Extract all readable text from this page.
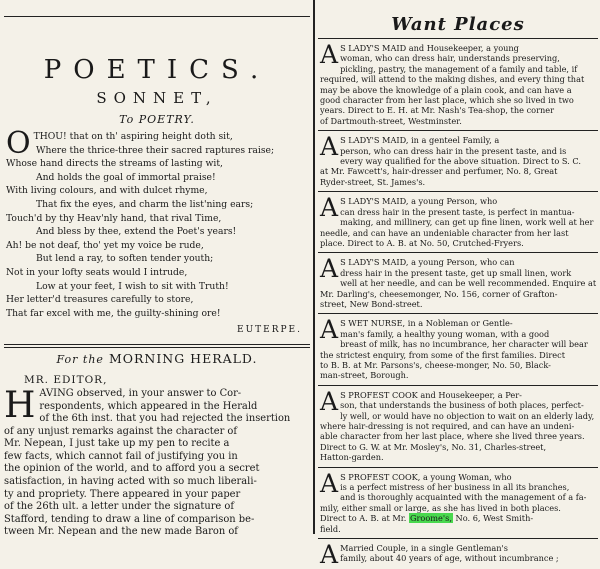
POETICS.
SONNET,
To POETRY.
O THOU! that on th' aspiring height doth sit,
Where the thrice-three their sacred raptures raise;
Whose hand directs the streams of lasting wit,
And holds the goal of immortal praise!
With living colours, and with dulcet rhyme,
That fix the eyes, and charm the list'ning ears;
Touch'd by thy Heav'nly hand, that rival Time,
And bless by thee, extend the Poet's years!
Ah! be not deaf, tho' yet my voice be rude,
But lend a ray, to soften tender youth;
Not in your lofty seats would I intrude,
Low at your feet, I wish to sit with Truth!
Her letter'd treasures carefully to store,
That far excel with me, the guilty-shining ore!
EUTERPE.
For the MORNING HERALD.
MR. EDITOR,
H AVING observed, in your answer to Cor-
respondents, which appeared in the Herald
of the 6th inst. that you had rejected the insertion
of any unjust remarks against the character of
Mr. Nepean, I just take up my pen to recite a
few facts, which cannot fail of justifying you in
the opinion of the world, and to afford you a secret
satisfaction, in having acted with so much liberali-
ty and propriety. There appeared in your paper
of the 26th ult. a letter under the signature of
Stafford, tending to draw a line of comparison be-
tween Mr. Nepean and the new made Baron of
Want Places
A S LADY'S MAID and Housekeeper, a young
woman, who can dress hair, understands preserving,
pickling, pastry, the management of a family and table, if
required, will attend to the making dishes, and every thing that
may be above the knowledge of a plain cook, and can have a
good character from her last place, which she so lived in two
years. Direct to E. H. at Mr. Nash's Tea-shop, the corner
of Dartmouth-street, Westminster.
A S LADY'S MAID, in a genteel Family, a
person, who can dress hair in the present taste, and is
every way qualified for the above situation. Direct to S. C.
at Mr. Fawcett's, hair-dresser and perfumer, No. 8, Great
Ryder-street, St. James's.
A S LADY'S MAID, a young Person, who
can dress hair in the present taste, is perfect in mantua-
making, and millinery, can get up fine linen, work well at her
needle, and can have an undeniable character from her last
place. Direct to A. B. at No. 50, Crutched-Fryers.
A S LADY'S MAID, a young Person, who can
dress hair in the present taste, get up small linen, work
well at her needle, and can be well recommended. Enquire at
Mr. Darling's, cheesemonger, No. 156, corner of Grafton-
street, New Bond-street.
A S WET NURSE, in a Nobleman or Gentle-
man's family, a healthy young woman, with a good
breast of milk, has no incumbrance, her character will bear
the strictest enquiry, from some of the first families. Direct
to B. B. at Mr. Parsons's, cheese-monger, No. 50, Black-
man-street, Borough.
A S PROFEST COOK and Housekeeper, a Per-
son, that understands the business of both places, perfect-
ly well, or would have no objection to wait on an elderly lady,
where hair-dressing is not required, and can have an undeni-
able character from her last place, where she lived three years.
Direct to G. W. at Mr. Mosley's, No. 31, Charles-street,
Hatton-garden.
A S PROFEST COOK, a young Woman, who
is a perfect mistress of her business in all its branches,
and is thoroughly acquainted with the management of a fa-
mily, either small or large, as she has lived in both places.
Direct to A. B. at Mr. Groome's, No. 6, West Smith-
field.
A Married Couple, in a single Gentleman's
family, about 40 years of age, without incumbrance ;
